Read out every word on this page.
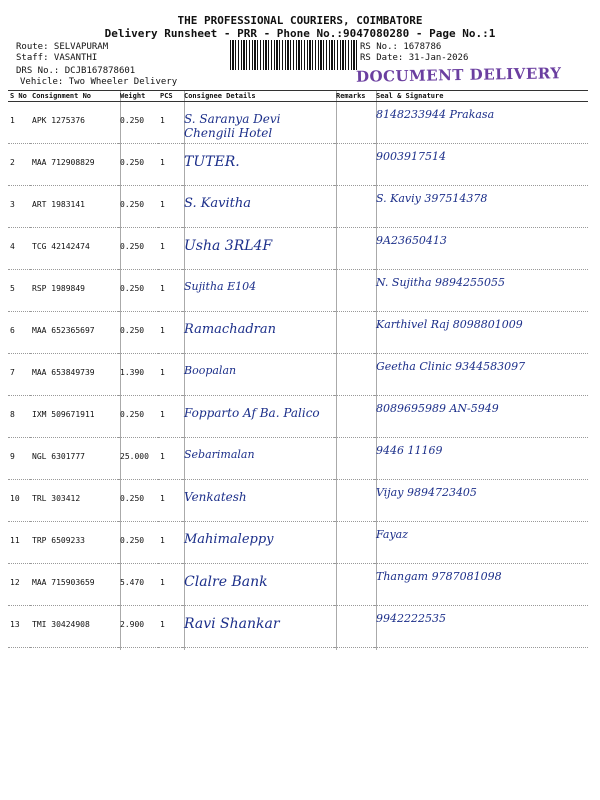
THE PROFESSIONAL COURIERS, COIMBATORE
Delivery Runsheet - PRR - Phone No.:9047080280 - Page No.:1
Route: SELVAPURAM
Staff: VASANTHI
DRS No.: DCJB167878601
Vehicle: Two Wheeler Delivery
RS No.: 1678786
RS Date: 31-Jan-2026
DOCUMENT DELIVERY
S No	Consignment No	Weight	PCS	Consignee Details	Remarks	Seal & Signature
1	APK 1275376	0.250	1	S. Saranya Devi Chengili Hotel		8148233944 Prakasa
2	MAA 712908829	0.250	1	TUTER.		9003917514
3	ART 1983141	0.250	1	S. Kavitha		S. Kaviy 397514378
4	TCG 42142474	0.250	1	Usha 3RL4F		9A23650413
5	RSP 1989849	0.250	1	Sujitha E104		N. Sujitha 9894255055
6	MAA 652365697	0.250	1	Ramachadran		Karthivel Raj 8098801009
7	MAA 653849739	1.390	1	Boopalan		Geetha Clinic 9344583097
8	IXM 509671911	0.250	1	Fopparto Af Ba. Palico		8089695989 AN-5949
9	NGL 6301777	25.000	1	Sebarimalan		9446 11169
10	TRL 303412	0.250	1	Venkatesh		Vijay 9894723405
11	TRP 6509233	0.250	1	Mahimaleppy		Fayaz
12	MAA 715903659	5.470	1	Clalre Bank		Thangam 9787081098
13	TMI 30424908	2.900	1	Ravi Shankar		9942222535
